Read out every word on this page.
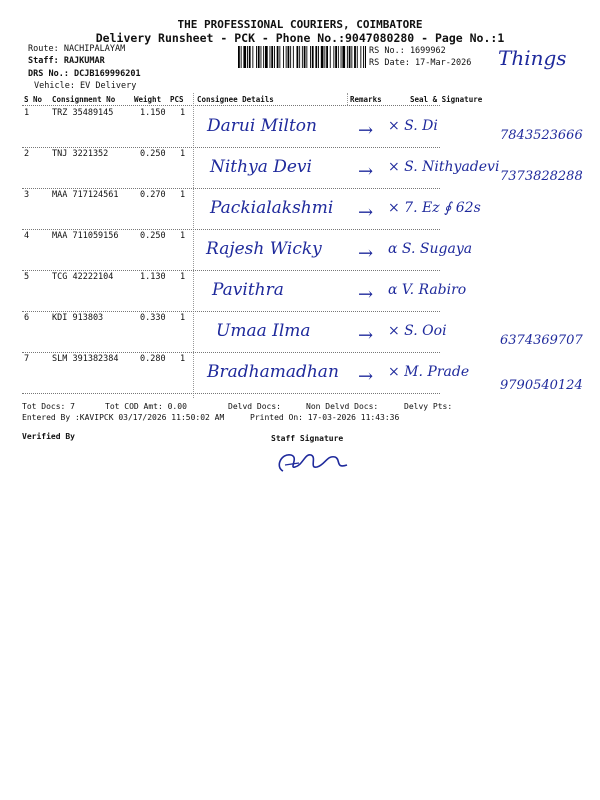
THE PROFESSIONAL COURIERS, COIMBATORE
Delivery Runsheet - PCK - Phone No.:9047080280 - Page No.:1
Route: NACHIPALAYAM
Staff: RAJKUMAR
DRS No.: DCJB169996201
Vehicle: EV Delivery
RS No.: 1699962
RS Date: 17-Mar-2026 Things
S No Consignment No	Weight PCS Consignee Details	Remarks	Seal & Signature
1	TRZ 35489145	1.150 1
Darui Milton → × S. Di
7843523666
2	TNJ 3221352	0.250 1
Nithya Devi	→ × S. Nithyadevi
7373828288
3	MAA 717124561	0.270 1
Packialakshmi → × 7. Ez ∮ 62s
4	MAA 711059156	0.250 1
Rajesh Wicky → α S. Sugaya
5	TCG 42222104	1.130 1
Pavithra	→ α V. Rabiro
6	KDI 913803	0.330 1
Umaa Ilma	→ × S. Ooi
6374369707
7	SLM 391382384	0.280 1
Bradhamadhan → × M. Prade
9790540124
Tot Docs: 7	Tot COD Amt: 0.00	Delvd Docs:	Non Delvd Docs:	Delvy Pts:
Entered By :KAVIPCK 03/17/2026 11:50:02 AM	Printed On: 17-03-2026 11:43:36
Verified By	Staff Signature
